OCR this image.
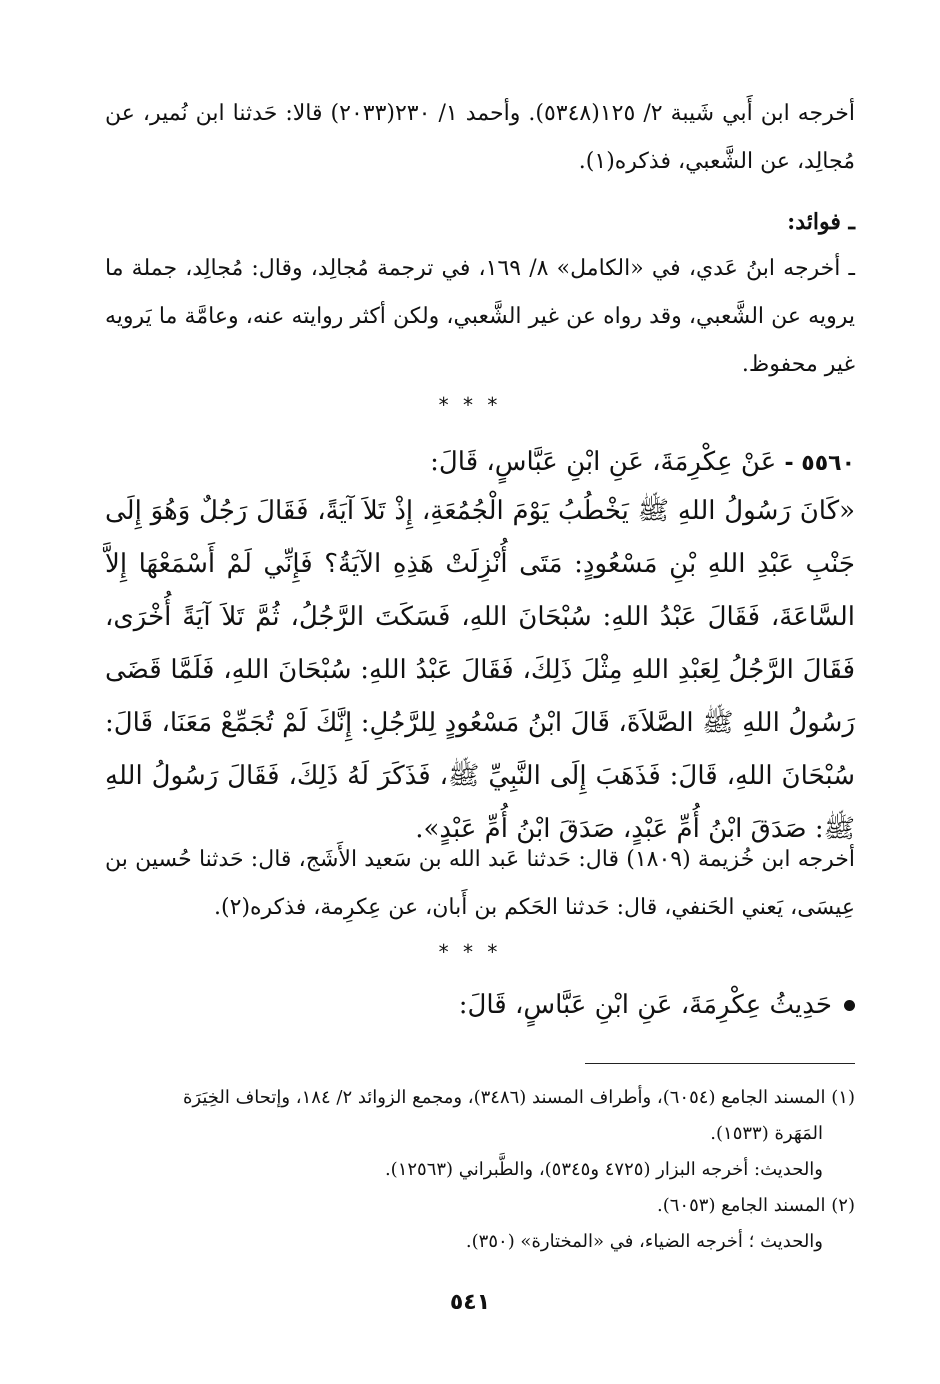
أخرجه ابن أَبي شَيبة ٢/ ١٢٥(٥٣٤٨). وأحمد ١/ ٢٣٠(٢٠٣٣) قالا: حَدثنا ابن نُمير، عن مُجالِد، عن الشَّعبي، فذكره(١).

ـ فوائد:

ـ أخرجه ابنُ عَدي، في «الكامل» ٨/ ١٦٩، في ترجمة مُجالِد، وقال: مُجالِد، جملة ما يرويه عن الشَّعبي، وقد رواه عن غير الشَّعبي، ولكن أكثر روايته عنه، وعامَّة ما يَرويه غير محفوظ.

* * *
٥٥٦٠ - عَنْ عِكْرِمَةَ، عَنِ ابْنِ عَبَّاسٍ، قَالَ:

«كَانَ رَسُولُ اللهِ ﷺ يَخْطُبُ يَوْمَ الْجُمُعَةِ، إِذْ تَلاَ آيَةً، فَقَالَ رَجُلٌ وَهُوَ إِلَى جَنْبِ عَبْدِ اللهِ بْنِ مَسْعُودٍ: مَتَى أُنْزِلَتْ هَذِهِ الآيَةُ؟ فَإِنِّي لَمْ أَسْمَعْهَا إِلاَّ السَّاعَةَ، فَقَالَ عَبْدُ اللهِ: سُبْحَانَ اللهِ، فَسَكَتَ الرَّجُلُ، ثُمَّ تَلاَ آيَةً أُخْرَى، فَقَالَ الرَّجُلُ لِعَبْدِ اللهِ مِثْلَ ذَلِكَ، فَقَالَ عَبْدُ اللهِ: سُبْحَانَ اللهِ، فَلَمَّا قَضَى رَسُولُ اللهِ ﷺ الصَّلاَةَ، قَالَ ابْنُ مَسْعُودٍ لِلرَّجُلِ: إِنَّكَ لَمْ تُجَمِّعْ مَعَنَا، قَالَ: سُبْحَانَ اللهِ، قَالَ: فَذَهَبَ إِلَى النَّبِيِّ ﷺ، فَذَكَرَ لَهُ ذَلِكَ، فَقَالَ رَسُولُ اللهِ ﷺ: صَدَقَ ابْنُ أُمِّ عَبْدٍ، صَدَقَ ابْنُ أُمِّ عَبْدٍ».

أخرجه ابن خُزيمة (١٨٠٩) قال: حَدثنا عَبد الله بن سَعيد الأَشَج، قال: حَدثنا حُسين بن عِيسَى، يَعني الحَنفي، قال: حَدثنا الحَكم بن أَبان، عن عِكرِمة، فذكره(٢).

* * *
حَدِيثُ عِكْرِمَةَ، عَنِ ابْنِ عَبَّاسٍ، قَالَ:
(١) المسند الجامع (٦٠٥٤)، وأطراف المسند (٣٤٨٦)، ومجمع الزوائد ٢/ ١٨٤، وإتحاف الخِيَرَة
المَهَرة (١٥٣٣).
والحديث: أخرجه البزار (٤٧٢٥ و٥٣٤٥)، والطَّبراني (١٢٥٦٣).
(٢) المسند الجامع (٦٠٥٣).
والحديث ؛ أخرجه الضياء، في «المختارة» (٣٥٠).
٥٤١
